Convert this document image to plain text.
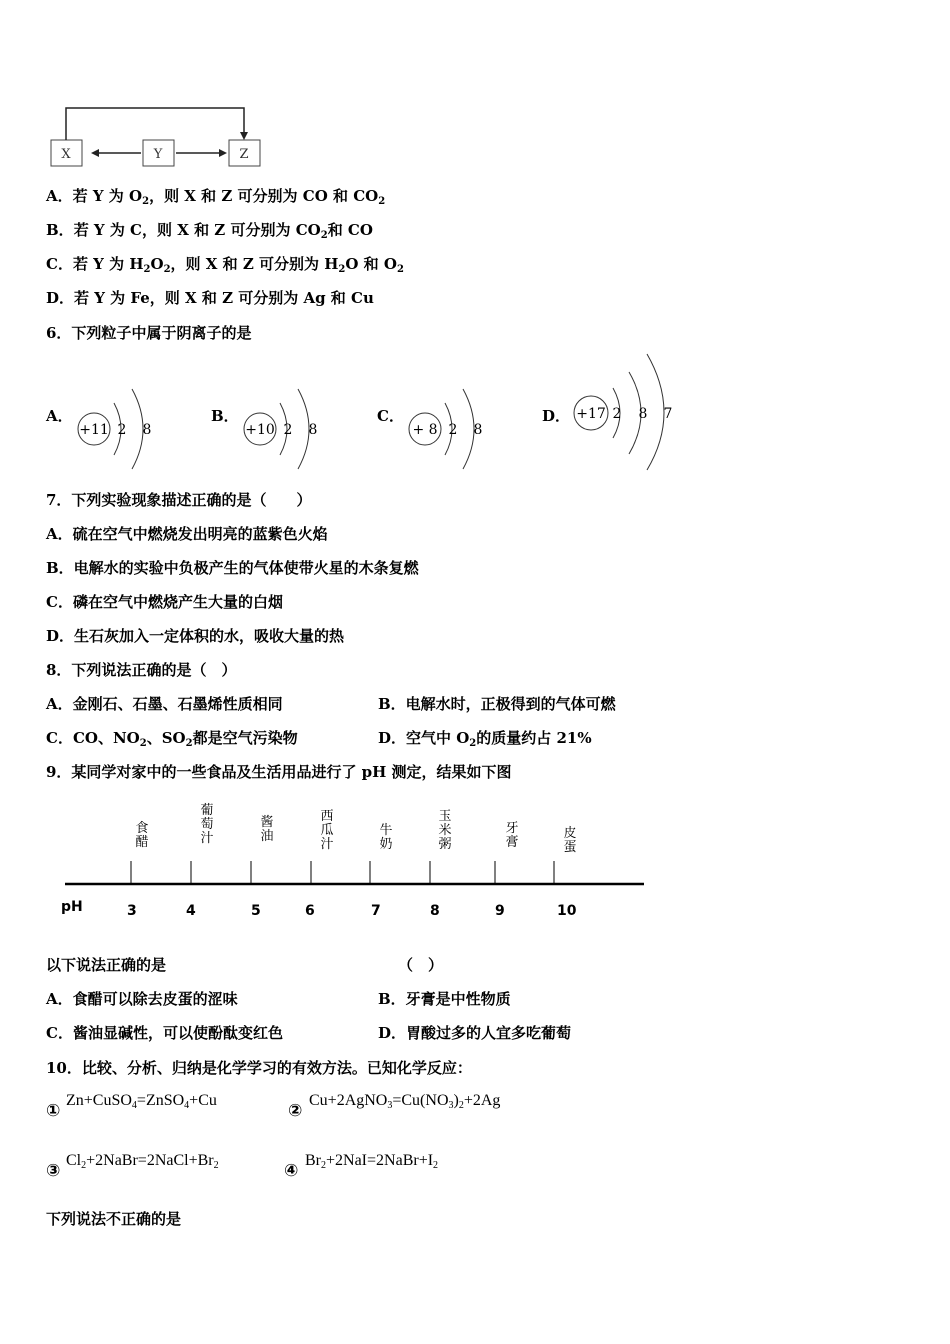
X	Y	Z
A．若 Y 为 $O_2$，则 X 和 Z 可分别为 CO 和 $CO_2$
B．若 Y 为 C，则 X 和 Z 可分别为 $CO_2$和 CO
C．若 Y 为 $H_2O_2$，则 X 和 Z 可分别为 $H_2O$ 和 $O_2$
D．若 Y 为 Fe，则 X 和 Z 可分别为 Ag 和 Cu
6．下列粒子中属于阴离子的是
A．
+11 2 8
B．
+10 2 8
C．
+ 8 2 8
D． +17 2 8 7
7．下列实验现象描述正确的是（　　）
A．硫在空气中燃烧发出明亮的蓝紫色火焰
B．电解水的实验中负极产生的气体使带火星的木条复燃
C．磷在空气中燃烧产生大量的白烟
D．生石灰加入一定体积的水，吸收大量的热
8．下列说法正确的是（　）
A．金刚石、石墨、石墨烯性质相同	B．电解水时，正极得到的气体可燃
C．CO、$NO_2$、$SO_2$都是空气污染物	D．空气中 $O_2$的质量约占 21%
9．某同学对家中的一些食品及生活用品进行了 pH 测定，结果如下图
食醋
葡萄汁
酱油
西瓜汁
牛奶
玉米粥
牙膏
皮蛋
pH	3	4	5	6	7	8	9	10
以下说法正确的是	（　）
A．食醋可以除去皮蛋的涩味	B．牙膏是中性物质
C．酱油显碱性，可以使酚酞变红色	D．胃酸过多的人宜多吃葡萄
10．比较、分析、归纳是化学学习的有效方法。已知化学反应：
①
Zn+CuSO$_4$=ZnSO$_4$+Cu
②
$Cu+2AgNO_3=Cu(NO_3)_2+2Ag$
③
$Cl_2+2NaBr=2NaCl+Br_2$	④
$Br_2+2NaI=2NaBr+I_2$
下列说法不正确的是
